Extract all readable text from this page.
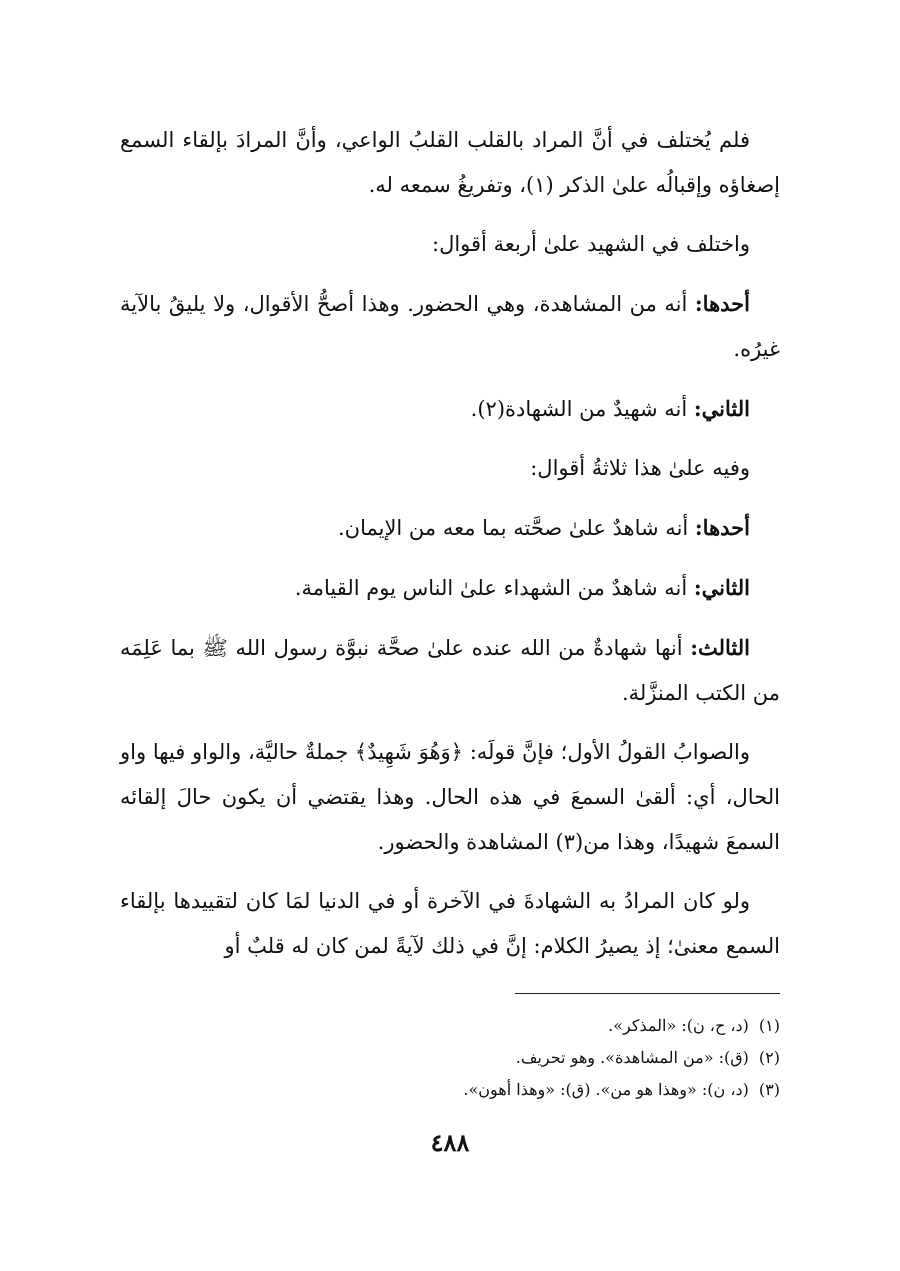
فلم يُختلف في أنَّ المراد بالقلب القلبُ الواعي، وأنَّ المرادَ بإلقاء السمع إصغاؤه وإقبالُه علىٰ الذكر (١)، وتفريغُ سمعه له.

واختلف في الشهيد علىٰ أربعة أقوال:

أحدها: أنه من المشاهدة، وهي الحضور. وهذا أصحُّ الأقوال، ولا يليقُ بالآية غيرُه.

الثاني: أنه شهيدٌ من الشهادة(٢).

وفيه علىٰ هذا ثلاثةُ أقوال:

أحدها: أنه شاهدٌ علىٰ صحَّته بما معه من الإيمان.

الثاني: أنه شاهدٌ من الشهداء علىٰ الناس يوم القيامة.

الثالث: أنها شهادةٌ من الله عنده علىٰ صحَّة نبوَّة رسول الله ﷺ بما عَلِمَه من الكتب المنزَّلة.

والصوابُ القولُ الأول؛ فإنَّ قولَه: ﴿وَهُوَ شَهِيدٌ﴾ جملةٌ حاليَّة، والواو فيها واو الحال، أي: ألقىٰ السمعَ في هذه الحال. وهذا يقتضي أن يكون حالَ إلقائه السمعَ شهيدًا، وهذا من(٣) المشاهدة والحضور.

ولو كان المرادُ به الشهادةَ في الآخرة أو في الدنيا لمَا كان لتقييدها بإلقاء السمع معنىٰ؛ إذ يصيرُ الكلام: إنَّ في ذلك لآيةً لمن كان له قلبٌ أو

(١)(د، ح، ن): «المذكر».

(٢)(ق): «من المشاهدة». وهو تحريف.

(٣)(د، ن): «وهذا هو من». (ق): «وهذا أهون».

٤٨٨
